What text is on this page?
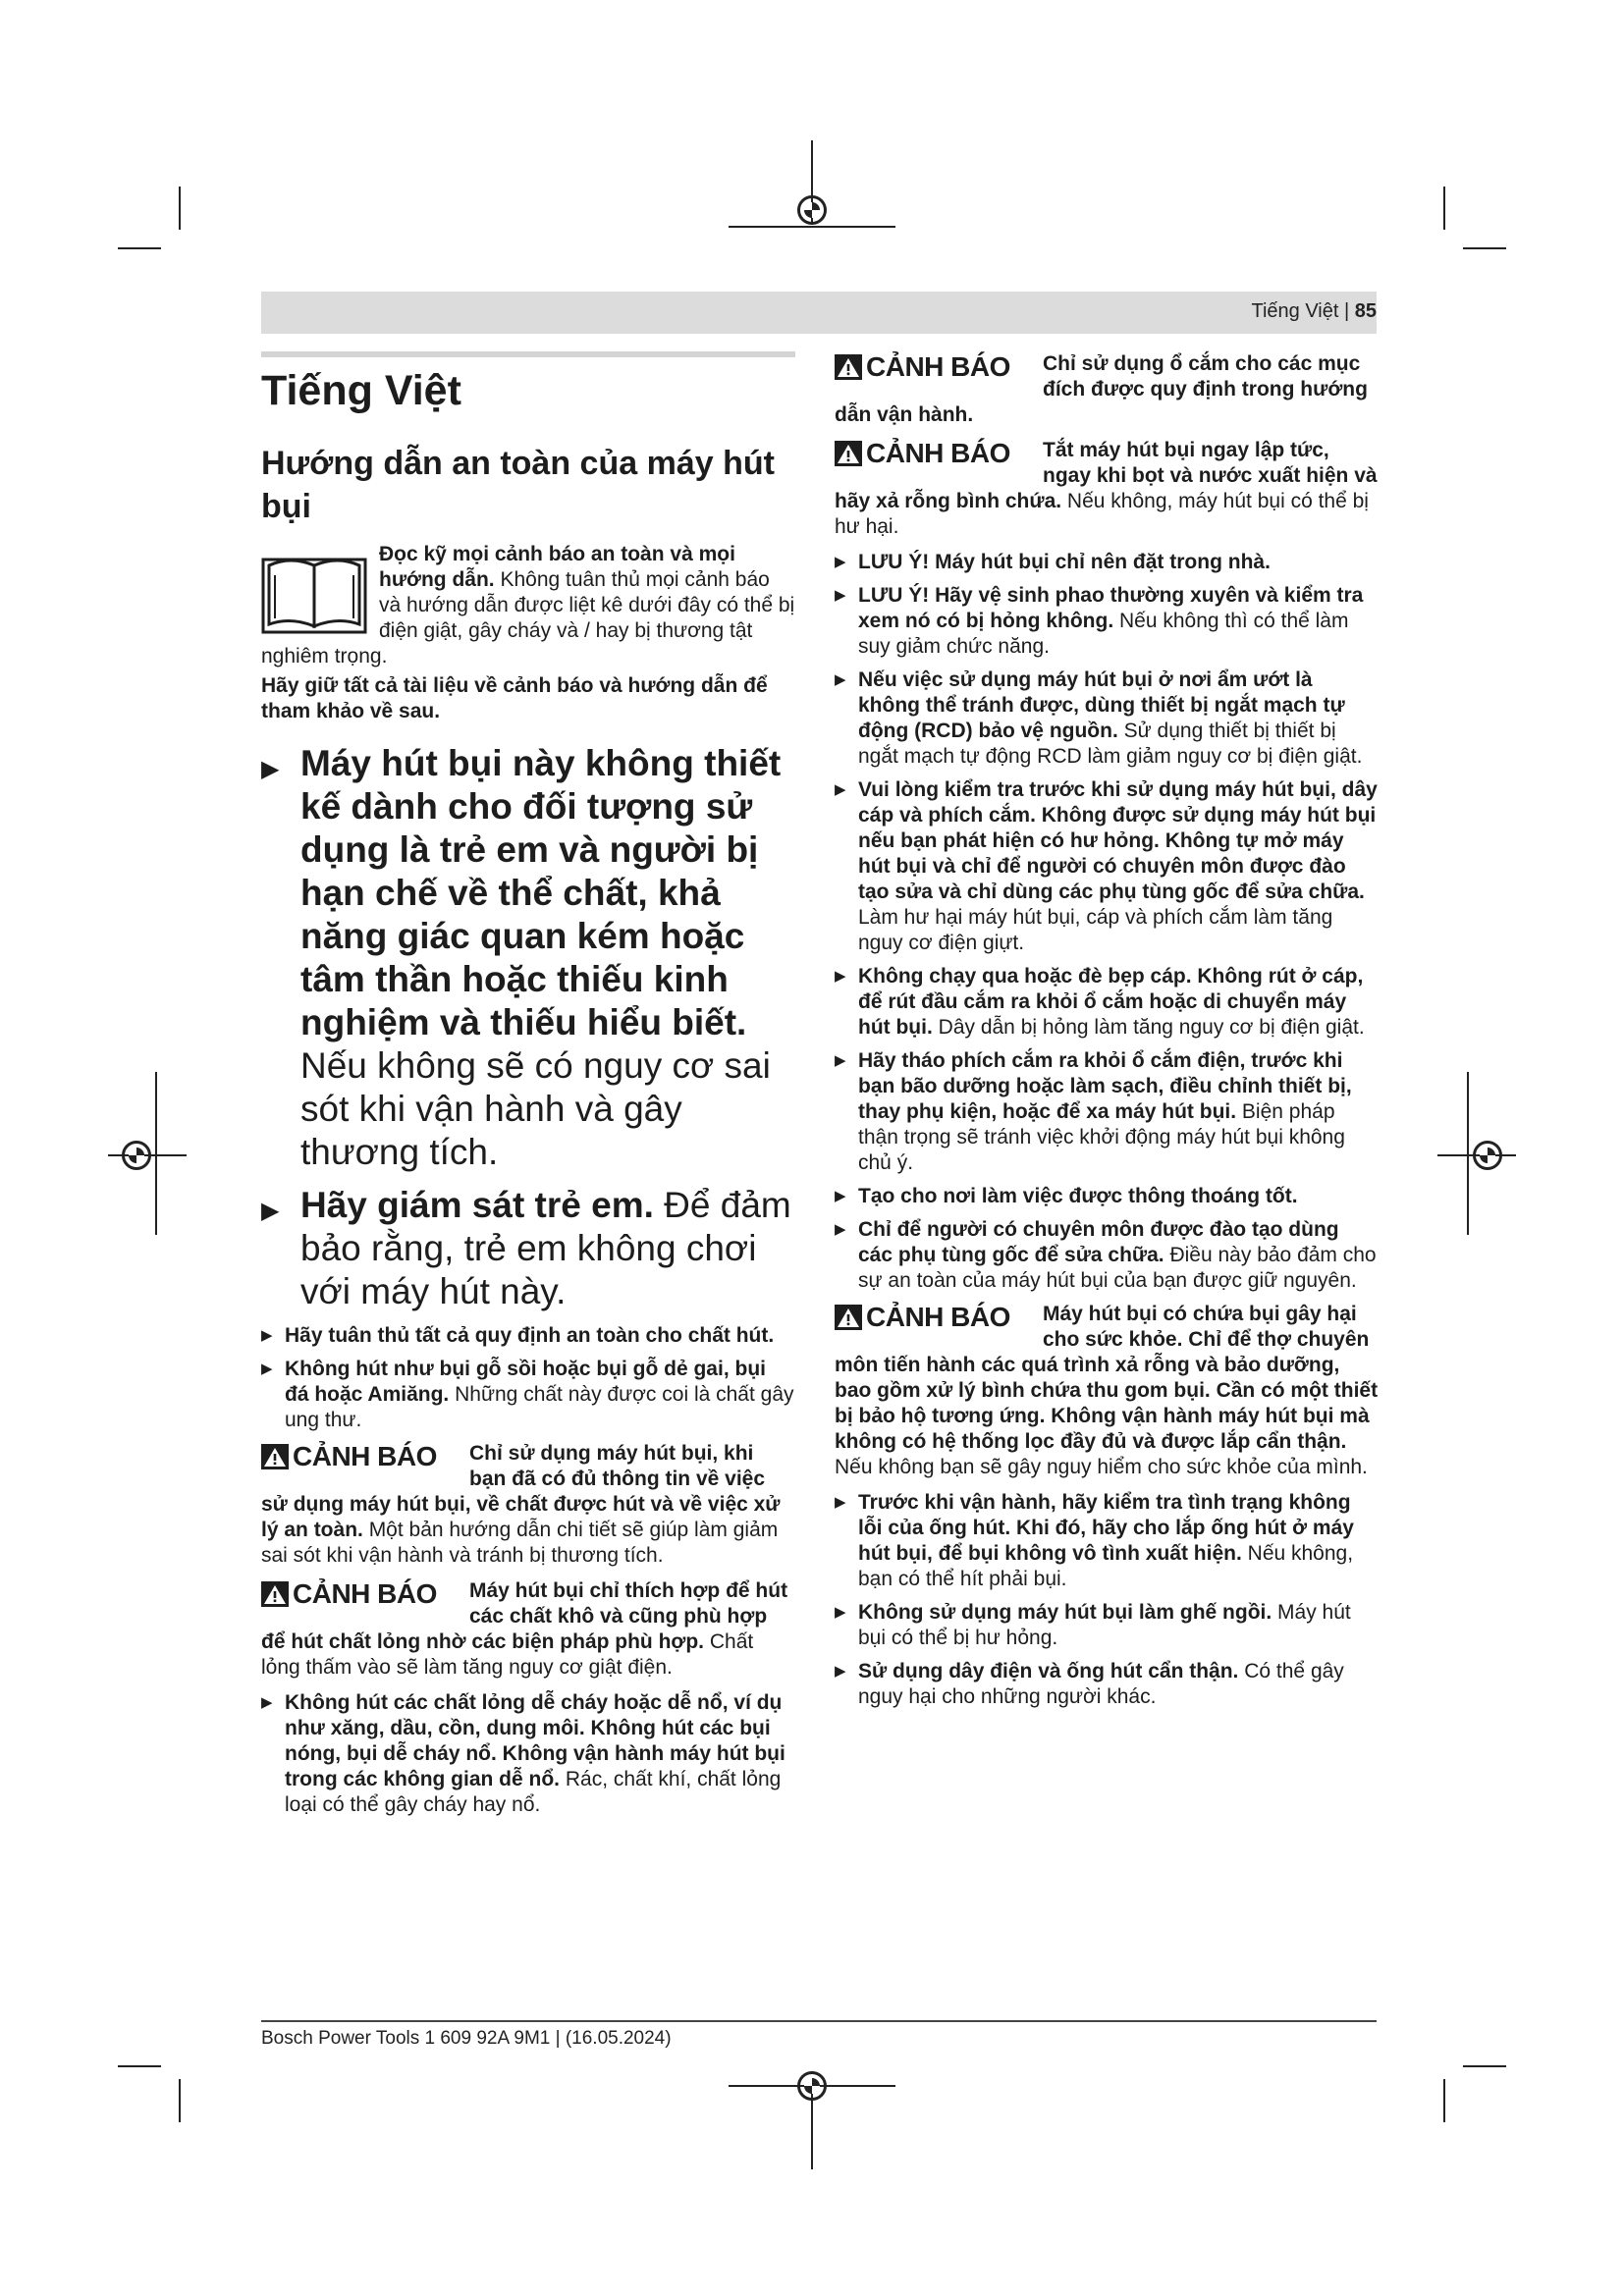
Tiếng Việt | 85
Tiếng Việt
Hướng dẫn an toàn của máy hút bụi

Đọc kỹ mọi cảnh báo an toàn và mọi hướng dẫn. Không tuân thủ mọi cảnh báo và hướng dẫn được liệt kê dưới đây có thể bị điện giật, gây cháy và / hay bị thương tật nghiêm trọng.

Hãy giữ tất cả tài liệu về cảnh báo và hướng dẫn để tham khảo về sau.

▶ Máy hút bụi này không thiết kế dành cho đối tượng sử dụng là trẻ em và người bị hạn chế về thể chất, khả năng giác quan kém hoặc tâm thần hoặc thiếu kinh nghiệm và thiếu hiểu biết. Nếu không sẽ có nguy cơ sai sót khi vận hành và gây thương tích.
▶ Hãy giám sát trẻ em. Để đảm bảo rằng, trẻ em không chơi với máy hút này.
▶ Hãy tuân thủ tất cả quy định an toàn cho chất hút.
▶ Không hút như bụi gỗ sồi hoặc bụi gỗ dẻ gai, bụi đá hoặc Amiăng. Những chất này được coi là chất gây ung thư.
CẢNH BÁO	Chỉ sử dụng máy hút bụi, khi bạn đã có đủ thông tin về việc sử dụng máy hút bụi, về chất được hút và về việc xử lý an toàn. Một bản hướng dẫn chi tiết sẽ giúp làm giảm sai sót khi vận hành và tránh bị thương tích.

CẢNH BÁO	Máy hút bụi chỉ thích hợp để hút các chất khô và cũng phù hợp để hút chất lỏng nhờ các biện pháp phù hợp. Chất lỏng thấm vào sẽ làm tăng nguy cơ giật điện.

▶ Không hút các chất lỏng dễ cháy hoặc dễ nổ, ví dụ như xăng, dầu, cồn, dung môi. Không hút các bụi nóng, bụi dễ cháy nổ. Không vận hành máy hút bụi trong các không gian dễ nổ. Rác, chất khí, chất lỏng loại có thể gây cháy hay nổ.
CẢNH BÁO	Chỉ sử dụng ổ cắm cho các mục đích được quy định trong hướng dẫn vận hành.

CẢNH BÁO	Tắt máy hút bụi ngay lập tức, ngay khi bọt và nước xuất hiện và hãy xả rỗng bình chứa. Nếu không, máy hút bụi có thể bị hư hại.

▶ LƯU Ý! Máy hút bụi chỉ nên đặt trong nhà.
▶ LƯU Ý! Hãy vệ sinh phao thường xuyên và kiểm tra xem nó có bị hỏng không. Nếu không thì có thể làm suy giảm chức năng.
▶ Nếu việc sử dụng máy hút bụi ở nơi ẩm ướt là không thể tránh được, dùng thiết bị ngắt mạch tự động (RCD) bảo vệ nguồn. Sử dụng thiết bị thiết bị ngắt mạch tự động RCD làm giảm nguy cơ bị điện giật.
▶ Vui lòng kiểm tra trước khi sử dụng máy hút bụi, dây cáp và phích cắm. Không được sử dụng máy hút bụi nếu bạn phát hiện có hư hỏng. Không tự mở máy hút bụi và chỉ để người có chuyên môn được đào tạo sửa và chỉ dùng các phụ tùng gốc để sửa chữa. Làm hư hại máy hút bụi, cáp và phích cắm làm tăng nguy cơ điện giựt.
▶ Không chạy qua hoặc đè bẹp cáp. Không rút ở cáp, để rút đầu cắm ra khỏi ổ cắm hoặc di chuyển máy hút bụi. Dây dẫn bị hỏng làm tăng nguy cơ bị điện giật.
▶ Hãy tháo phích cắm ra khỏi ổ cắm điện, trước khi bạn bão dưỡng hoặc làm sạch, điều chỉnh thiết bị, thay phụ kiện, hoặc để xa máy hút bụi. Biện pháp thận trọng sẽ tránh việc khởi động máy hút bụi không chủ ý.
▶ Tạo cho nơi làm việc được thông thoáng tốt.
▶ Chỉ để người có chuyên môn được đào tạo dùng các phụ tùng gốc để sửa chữa. Điều này bảo đảm cho sự an toàn của máy hút bụi của bạn được giữ nguyên.
CẢNH BÁO	Máy hút bụi có chứa bụi gây hại cho sức khỏe. Chỉ để thợ chuyên môn tiến hành các quá trình xả rỗng và bảo dưỡng, bao gồm xử lý bình chứa thu gom bụi. Cần có một thiết bị bảo hộ tương ứng. Không vận hành máy hút bụi mà không có hệ thống lọc đầy đủ và được lắp cẩn thận. Nếu không bạn sẽ gây nguy hiểm cho sức khỏe của mình.

▶ Trước khi vận hành, hãy kiểm tra tình trạng không lỗi của ống hút. Khi đó, hãy cho lắp ống hút ở máy hút bụi, để bụi không vô tình xuất hiện. Nếu không, bạn có thể hít phải bụi.
▶ Không sử dụng máy hút bụi làm ghế ngồi. Máy hút bụi có thể bị hư hỏng.
▶ Sử dụng dây điện và ống hút cẩn thận. Có thể gây nguy hại cho những người khác.
Bosch Power Tools 1 609 92A 9M1 | (16.05.2024)
